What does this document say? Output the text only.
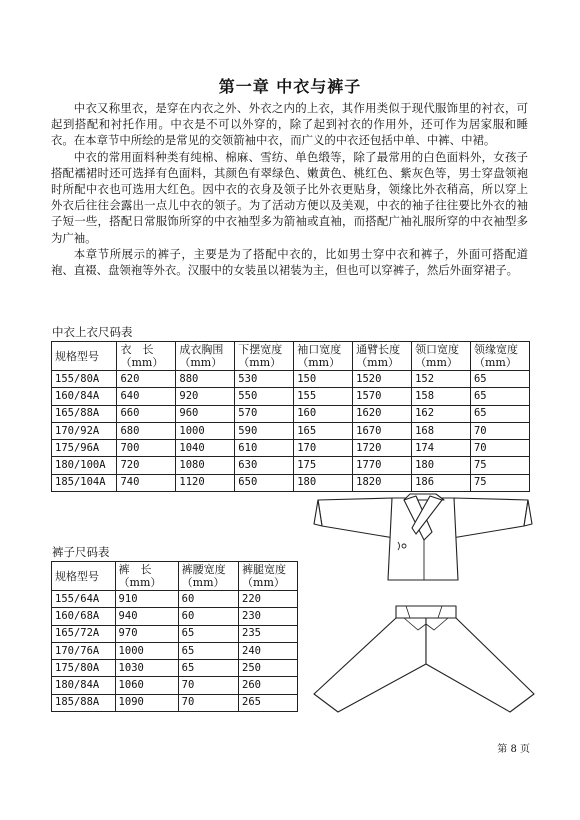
第一章 中衣与裤子

中衣又称里衣，是穿在内衣之外、外衣之内的上衣，其作用类似于现代服饰里的衬衣，可起到搭配和衬托作用。中衣是不可以外穿的，除了起到衬衣的作用外，还可作为居家服和睡衣。在本章节中所绘的是常见的交领箭袖中衣，而广义的中衣还包括中单、中裤、中裙。

中衣的常用面料种类有纯棉、棉麻、雪纺、单色缎等，除了最常用的白色面料外，女孩子搭配襦裙时还可选择有色面料，其颜色有翠绿色、嫩黄色、桃红色、紫灰色等，男士穿盘领袍时所配中衣也可选用大红色。因中衣的衣身及领子比外衣更贴身，领缘比外衣稍高，所以穿上外衣后往往会露出一点儿中衣的领子。为了活动方便以及美观，中衣的袖子往往要比外衣的袖子短一些，搭配日常服饰所穿的中衣袖型多为箭袖或直袖，而搭配广袖礼服所穿的中衣袖型多为广袖。

本章节所展示的裤子，主要是为了搭配中衣的，比如男士穿中衣和裤子，外面可搭配道袍、直裰、盘领袍等外衣。汉服中的女装虽以裙装为主，但也可以穿裤子，然后外面穿裙子。

中衣上衣尺码表
规格型号	衣　长（mm）	成衣胸围（mm）	下摆宽度（mm）	袖口宽度（mm）	通臂长度（mm）	领口宽度（mm）	领缘宽度（mm）
155/80A	620	880	530	150	1520	152	65
160/84A	640	920	550	155	1570	158	65
165/88A	660	960	570	160	1620	162	65
170/92A	680	1000	590	165	1670	168	70
175/96A	700	1040	610	170	1720	174	70
180/100A	720	1080	630	175	1770	180	75
185/104A	740	1120	650	180	1820	186	75
裤子尺码表
规格型号	裤　长（mm）	裤腰宽度（mm）	裤腿宽度（mm）
155/64A	910	60	220
160/68A	940	60	230
165/72A	970	65	235
170/76A	1000	65	240
175/80A	1030	65	250
180/84A	1060	70	260
185/88A	1090	70	265
第 8 页
